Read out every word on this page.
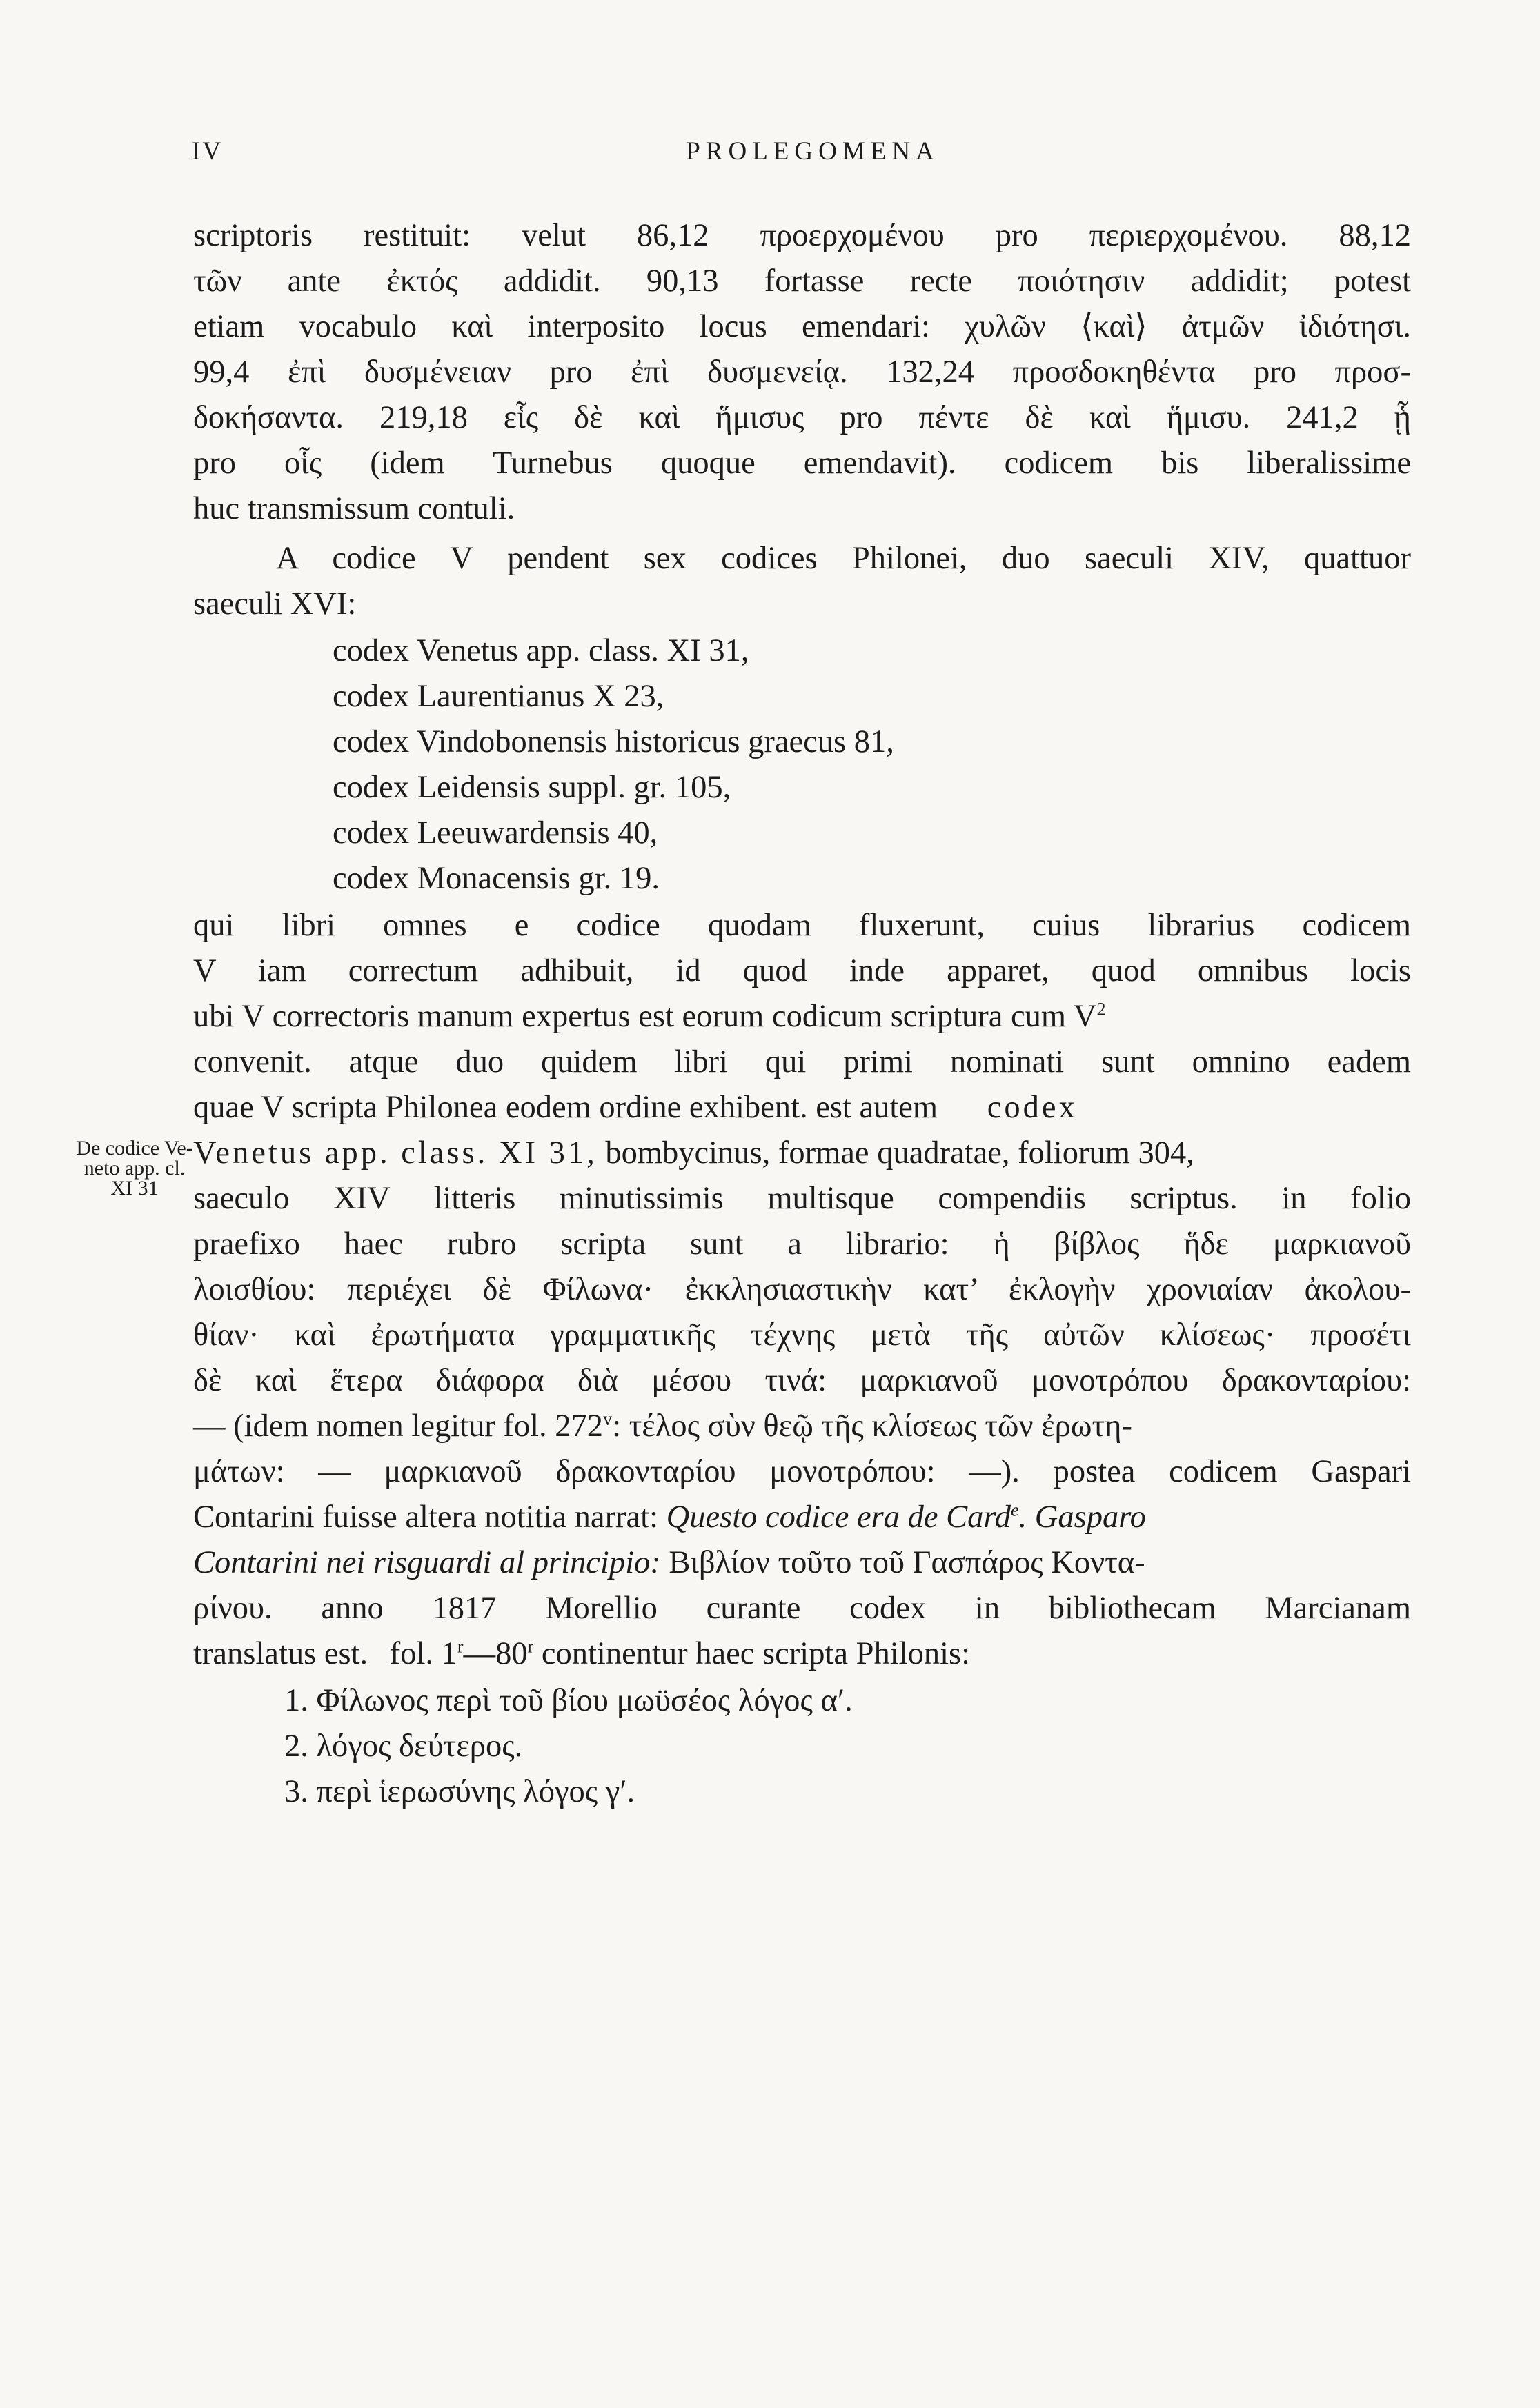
IV	PROLEGOMENA
scriptoris restituit: velut 86,12 προερχομένου pro περιερχομένου. 88,12
τῶν ante ἐκτός addidit. 90,13 fortasse recte ποιότησιν addidit; potest
etiam vocabulo καὶ interposito locus emendari: χυλῶν ⟨καὶ⟩ ἀτμῶν ἰδιότησι.
99,4 ἐπὶ δυσμένειαν pro ἐπὶ δυσμενείᾳ. 132,24 προσδοκηθέντα pro προσ-
δοκήσαντα. 219,18 εἷς δὲ καὶ ἥμισυς pro πέντε δὲ καὶ ἥμισυ. 241,2 ᾗ
pro οἷς (idem Turnebus quoque emendavit). codicem bis liberalissime
huc transmissum contuli.
A codice V pendent sex codices Philonei, duo saeculi XIV, quattuor
saeculi XVI:
codex Venetus app. class. XI 31,
codex Laurentianus X 23,
codex Vindobonensis historicus graecus 81,
codex Leidensis suppl. gr. 105,
codex Leeuwardensis 40,
codex Monacensis gr. 19.
qui libri omnes e codice quodam fluxerunt, cuius librarius codicem
V iam correctum adhibuit, id quod inde apparet, quod omnibus locis
ubi V correctoris manum expertus est eorum codicum scriptura cum $V^2$
convenit. atque duo quidem libri qui primi nominati sunt omnino eadem
quae V scripta Philonea eodem ordine exhibent. est autem codex
De codice Ve-
neto app. cl.
XI 31
Venetus app. class. XI 31, bombycinus, formae quadratae, foliorum 304,
saeculo XIV litteris minutissimis multisque compendiis scriptus. in folio
praefixo haec rubro scripta sunt a librario: ἡ βίβλος ἥδε μαρκιανοῦ
λοισθίου: περιέχει δὲ Φίλωνα· ἐκκλησιαστικὴν κατ’ ἐκλογὴν χρονιαίαν ἀκολου-
θίαν· καὶ ἐρωτήματα γραμματικῆς τέχνης μετὰ τῆς αὐτῶν κλίσεως· προσέτι
δὲ καὶ ἕτερα διάφορα διὰ μέσου τινά: μαρκιανοῦ μονοτρόπου δρακονταρίου:
— (idem nomen legitur fol. 272$^v$: τέλος σὺν θεῷ τῆς κλίσεως τῶν ἐρωτη-
μάτων: — μαρκιανοῦ δρακονταρίου μονοτρόπου: —). postea codicem Gaspari
Contarini fuisse altera notitia narrat: Questo codice era de Card$^e$. Gasparo
Contarini nei risguardi al principio: Βιβλίον τοῦτο τοῦ Γασπάρος Κοντα-
ρίνου. anno 1817 Morellio curante codex in bibliothecam Marcianam
translatus est. fol. 1$^r$—80$^r$ continentur haec scripta Philonis:
1. Φίλωνος περὶ τοῦ βίου μωϋσέος λόγος α′.
2. λόγος δεύτερος.
3. περὶ ἱερωσύνης λόγος γ′.
